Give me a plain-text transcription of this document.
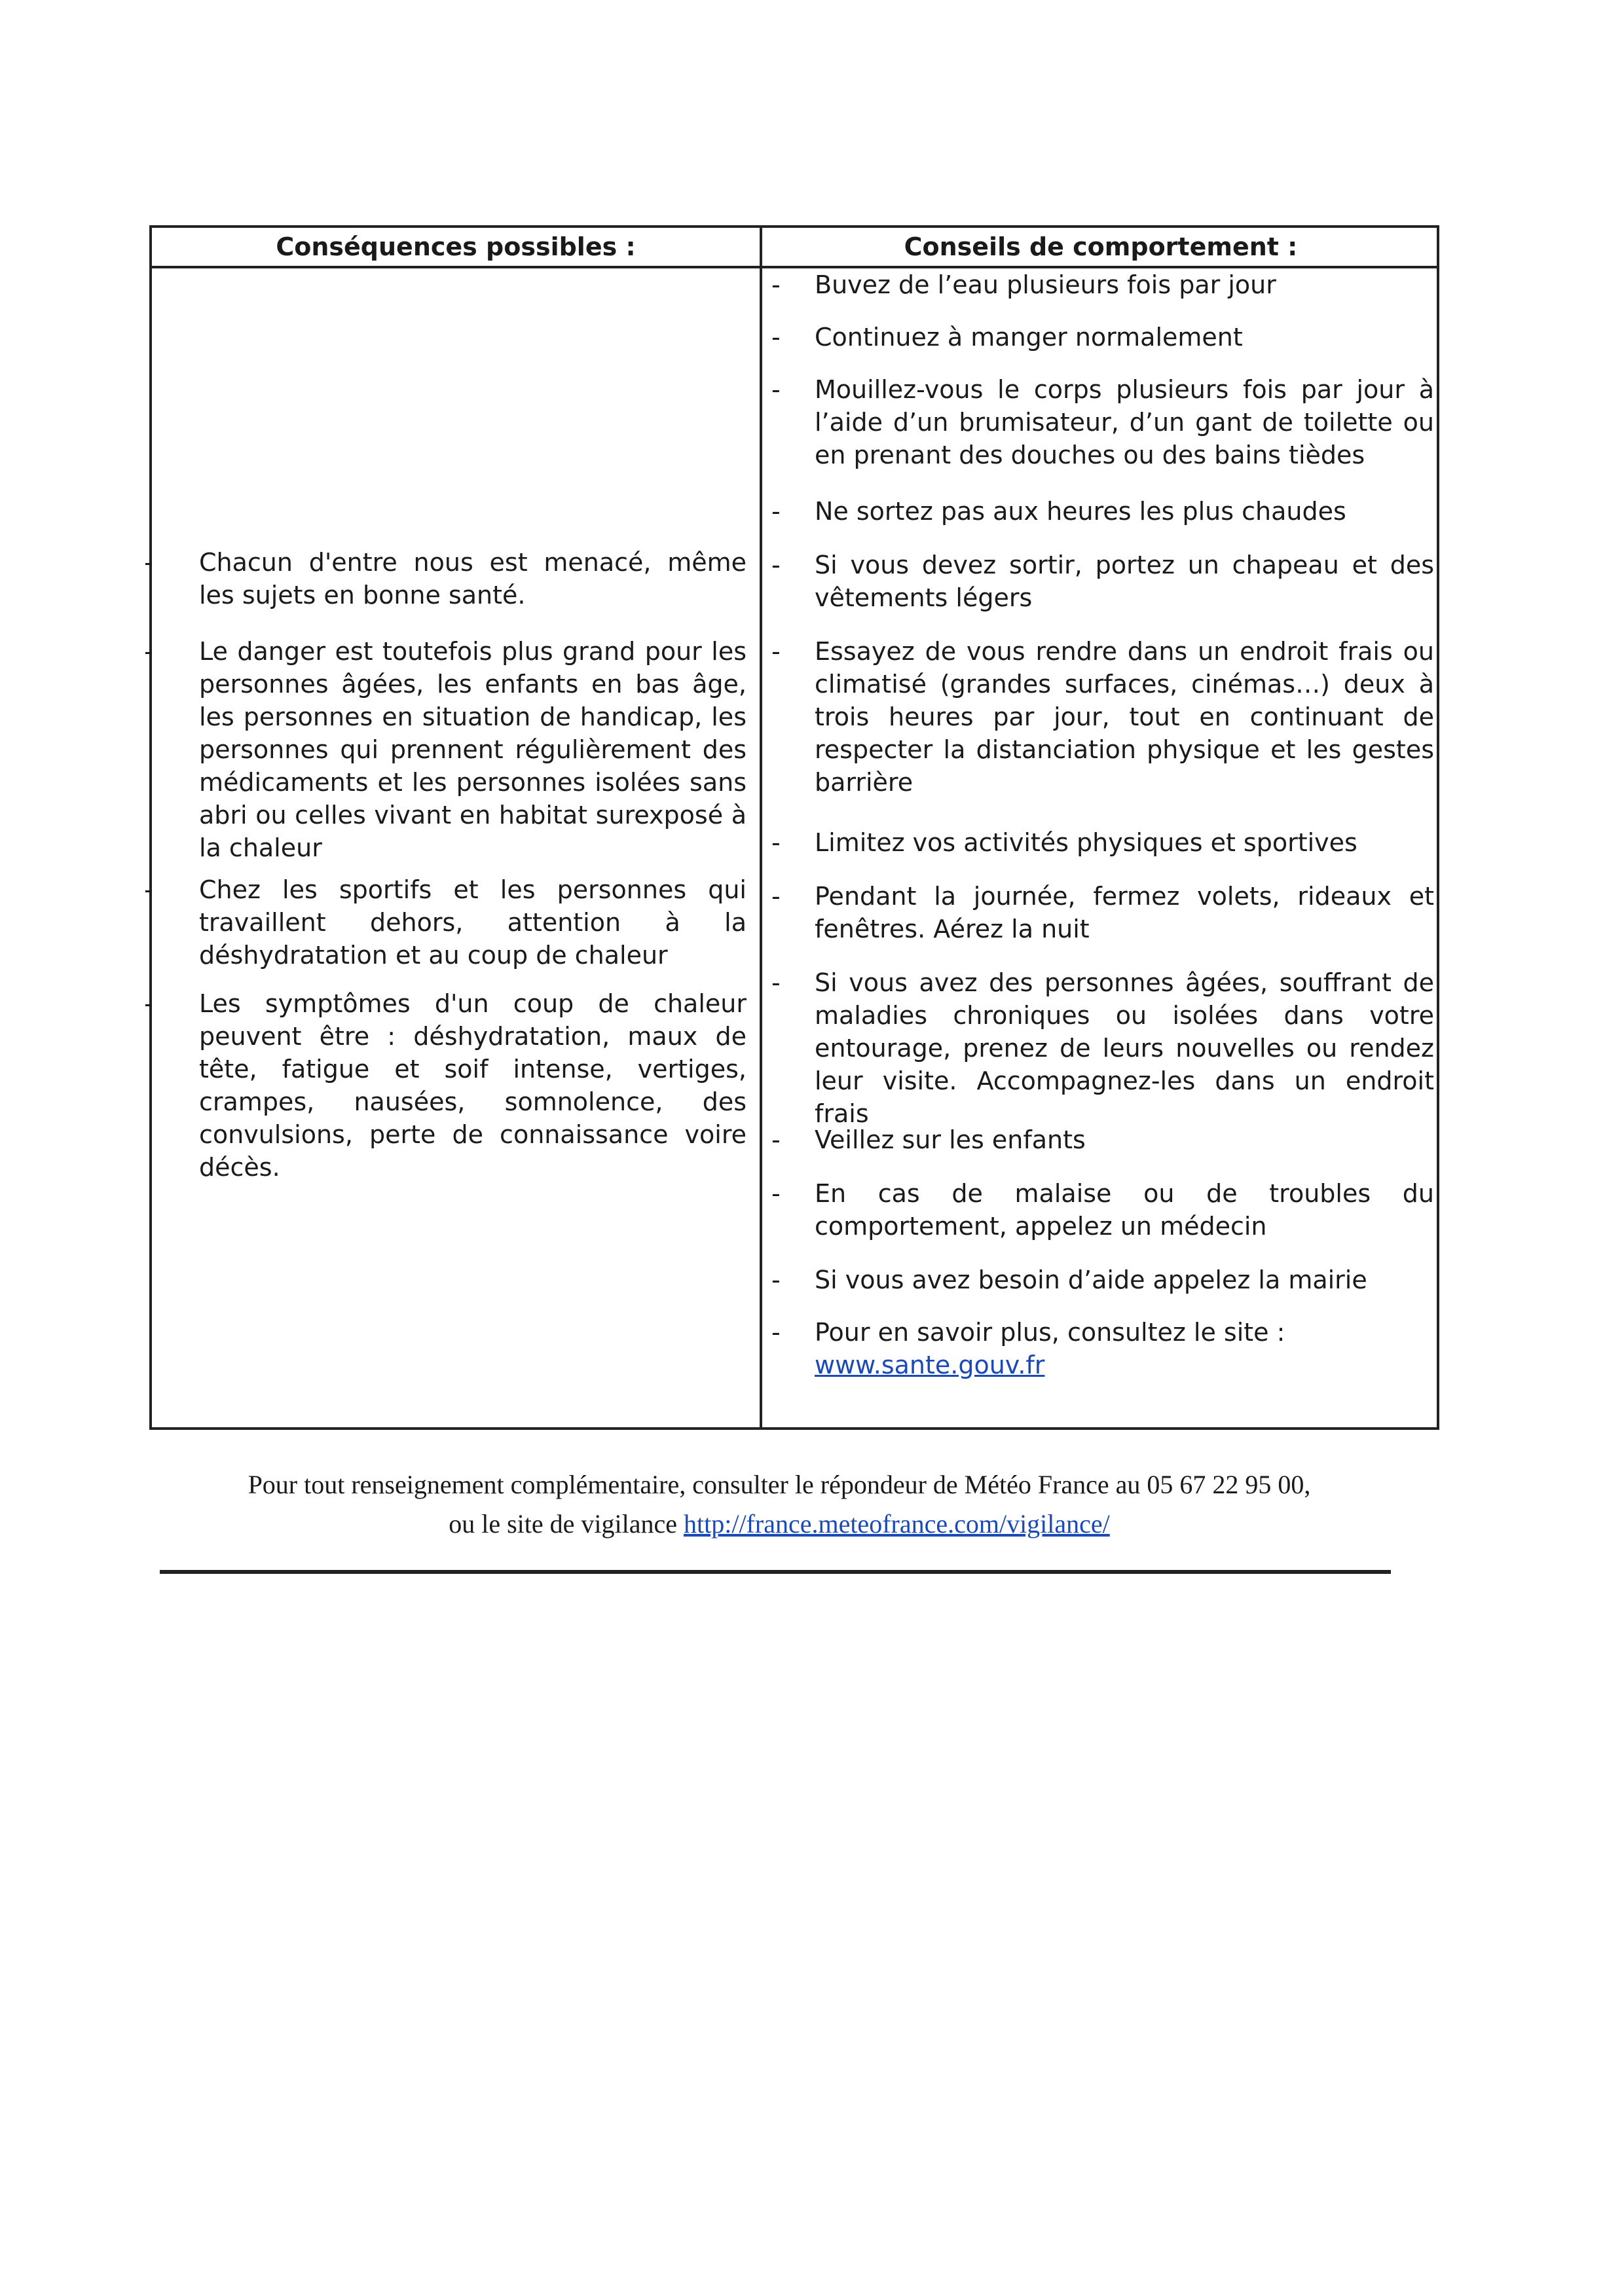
Conséquences possibles :	Conseils de comportement :
- Chacun d'entre nous est menacé, même les sujets en bonne santé.

- Le danger est toutefois plus grand pour les personnes âgées, les enfants en bas âge, les personnes en situation de handicap, les personnes qui prennent régulièrement des médicaments et les personnes isolées sans abri ou celles vivant en habitat surexposé à la chaleur

- Chez les sportifs et les personnes qui travaillent dehors, attention à la déshydratation et au coup de chaleur

- Les symptômes d'un coup de chaleur peuvent être : déshydratation, maux de tête, fatigue et soif intense, vertiges, crampes, nausées, somnolence, des convulsions, perte de connaissance voire décès.

- Buvez de l’eau plusieurs fois par jour

- Continuez à manger normalement

- Mouillez-vous le corps plusieurs fois par jour à l’aide d’un brumisateur, d’un gant de toilette ou en prenant des douches ou des bains tièdes

- Ne sortez pas aux heures les plus chaudes

- Si vous devez sortir, portez un chapeau et des vêtements légers

- Essayez de vous rendre dans un endroit frais ou climatisé (grandes surfaces, cinémas…) deux à trois heures par jour, tout en continuant de respecter la distanciation physique et les gestes barrière

- Limitez vos activités physiques et sportives

- Pendant la journée, fermez volets, rideaux et fenêtres. Aérez la nuit

- Si vous avez des personnes âgées, souffrant de maladies chroniques ou isolées dans votre entourage, prenez de leurs nouvelles ou rendez leur visite. Accompagnez-les dans un endroit frais

- Veillez sur les enfants

- En cas de malaise ou de troubles du comportement, appelez un médecin

- Si vous avez besoin d’aide appelez la mairie

- Pour en savoir plus, consultez le site :
www.sante.gouv.fr

Pour tout renseignement complémentaire, consulter le répondeur de Météo France au 05 67 22 95 00,
ou le site de vigilance http://france.meteofrance.com/vigilance/
